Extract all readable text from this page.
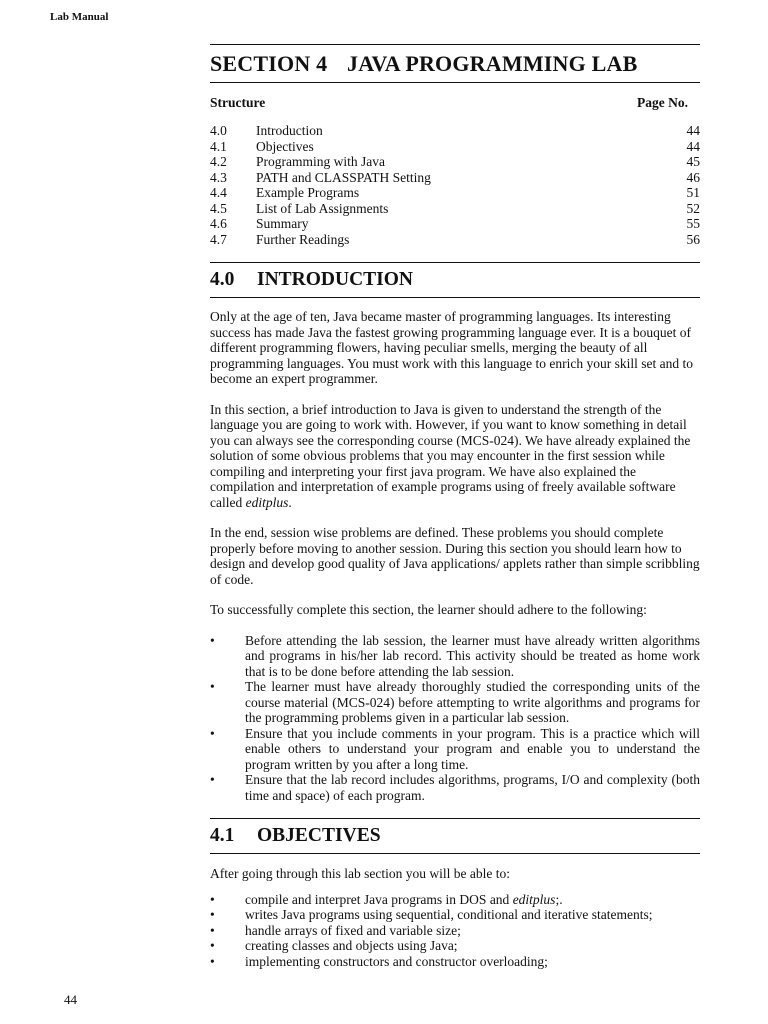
Lab Manual
SECTION 4 JAVA PROGRAMMING LAB
Structure	Page No.
4.0	Introduction	44
4.1	Objectives	44
4.2	Programming with Java	45
4.3	PATH and CLASSPATH Setting	46
4.4	Example Programs	51
4.5	List of Lab Assignments	52
4.6	Summary	55
4.7	Further Readings	56
4.0 INTRODUCTION

Only at the age of ten, Java became master of programming languages. Its interesting success has made Java the fastest growing programming language ever. It is a bouquet of different programming flowers, having peculiar smells, merging the beauty of all programming languages. You must work with this language to enrich your skill set and to become an expert programmer.

In this section, a brief introduction to Java is given to understand the strength of the language you are going to work with. However, if you want to know something in detail you can always see the corresponding course (MCS-024). We have already explained the solution of some obvious problems that you may encounter in the first session while compiling and interpreting your first java program. We have also explained the compilation and interpretation of example programs using of freely available software called editplus.

In the end, session wise problems are defined. These problems you should complete properly before moving to another session. During this section you should learn how to design and develop good quality of Java applications/ applets rather than simple scribbling of code.

To successfully complete this section, the learner should adhere to the following:

• Before attending the lab session, the learner must have already written algorithms and programs in his/her lab record. This activity should be treated as home work that is to be done before attending the lab session.
• The learner must have already thoroughly studied the corresponding units of the course material (MCS-024) before attempting to write algorithms and programs for the programming problems given in a particular lab session.
• Ensure that you include comments in your program. This is a practice which will enable others to understand your program and enable you to understand the program written by you after a long time.
• Ensure that the lab record includes algorithms, programs, I/O and complexity (both time and space) of each program.
4.1 OBJECTIVES

After going through this lab section you will be able to:

• compile and interpret Java programs in DOS and editplus;.
• writes Java programs using sequential, conditional and iterative statements;
• handle arrays of fixed and variable size;
• creating classes and objects using Java;
• implementing constructors and constructor overloading;
44
